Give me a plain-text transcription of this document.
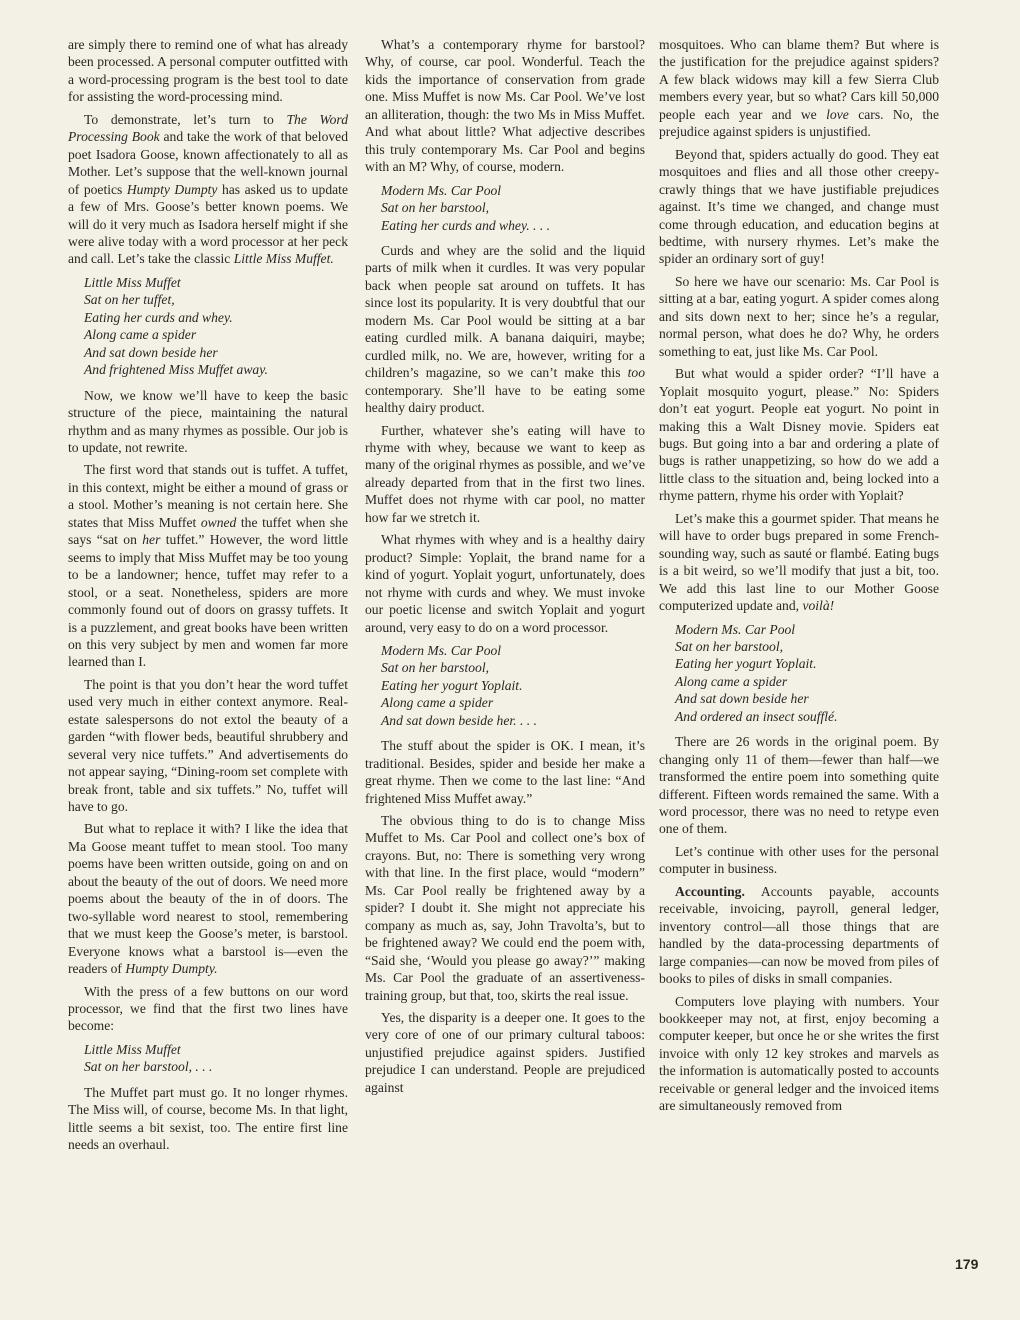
are simply there to remind one of what has already been processed. A personal computer outfitted with a word-processing program is the best tool to date for assisting the word-processing mind.

To demonstrate, let’s turn to The Word Processing Book and take the work of that beloved poet Isadora Goose, known affectionately to all as Mother. Let’s suppose that the well-known journal of poetics Humpty Dumpty has asked us to update a few of Mrs. Goose’s better known poems. We will do it very much as Isadora herself might if she were alive today with a word processor at her peck and call. Let’s take the classic Little Miss Muffet.

Little Miss Muffet
Sat on her tuffet,
Eating her curds and whey.
Along came a spider
And sat down beside her
And frightened Miss Muffet away.

Now, we know we’ll have to keep the basic structure of the piece, maintaining the natural rhythm and as many rhymes as possible. Our job is to update, not rewrite.

The first word that stands out is tuffet. A tuffet, in this context, might be either a mound of grass or a stool. Mother’s meaning is not certain here. She states that Miss Muffet owned the tuffet when she says “sat on her tuffet.” However, the word little seems to imply that Miss Muffet may be too young to be a landowner; hence, tuffet may refer to a stool, or a seat. Nonetheless, spiders are more commonly found out of doors on grassy tuffets. It is a puzzlement, and great books have been written on this very subject by men and women far more learned than I.

The point is that you don’t hear the word tuffet used very much in either context anymore. Real-estate salespersons do not extol the beauty of a garden “with flower beds, beautiful shrubbery and several very nice tuffets.” And advertisements do not appear saying, “Dining-room set complete with break front, table and six tuffets.” No, tuffet will have to go.

But what to replace it with? I like the idea that Ma Goose meant tuffet to mean stool. Too many poems have been written outside, going on and on about the beauty of the out of doors. We need more poems about the beauty of the in of doors. The two-syllable word nearest to stool, remembering that we must keep the Goose’s meter, is barstool. Everyone knows what a barstool is—even the readers of Humpty Dumpty.

With the press of a few buttons on our word processor, we find that the first two lines have become:

Little Miss Muffet
Sat on her barstool, . . .

The Muffet part must go. It no longer rhymes. The Miss will, of course, become Ms. In that light, little seems a bit sexist, too. The entire first line needs an overhaul.

What’s a contemporary rhyme for barstool? Why, of course, car pool. Wonderful. Teach the kids the importance of conservation from grade one. Miss Muffet is now Ms. Car Pool. We’ve lost an alliteration, though: the two Ms in Miss Muffet. And what about little? What adjective describes this truly contemporary Ms. Car Pool and begins with an M? Why, of course, modern.

Modern Ms. Car Pool
Sat on her barstool,
Eating her curds and whey. . . .

Curds and whey are the solid and the liquid parts of milk when it curdles. It was very popular back when people sat around on tuffets. It has since lost its popularity. It is very doubtful that our modern Ms. Car Pool would be sitting at a bar eating curdled milk. A banana daiquiri, maybe; curdled milk, no. We are, however, writing for a children’s magazine, so we can’t make this too contemporary. She’ll have to be eating some healthy dairy product.

Further, whatever she’s eating will have to rhyme with whey, because we want to keep as many of the original rhymes as possible, and we’ve already departed from that in the first two lines. Muffet does not rhyme with car pool, no matter how far we stretch it.

What rhymes with whey and is a healthy dairy product? Simple: Yoplait, the brand name for a kind of yogurt. Yoplait yogurt, unfortunately, does not rhyme with curds and whey. We must invoke our poetic license and switch Yoplait and yogurt around, very easy to do on a word processor.

Modern Ms. Car Pool
Sat on her barstool,
Eating her yogurt Yoplait.
Along came a spider
And sat down beside her. . . .

The stuff about the spider is OK. I mean, it’s traditional. Besides, spider and beside her make a great rhyme. Then we come to the last line: “And frightened Miss Muffet away.”

The obvious thing to do is to change Miss Muffet to Ms. Car Pool and collect one’s box of crayons. But, no: There is something very wrong with that line. In the first place, would “modern” Ms. Car Pool really be frightened away by a spider? I doubt it. She might not appreciate his company as much as, say, John Travolta’s, but to be frightened away? We could end the poem with, “Said she, ‘Would you please go away?’” making Ms. Car Pool the graduate of an assertiveness-training group, but that, too, skirts the real issue.

Yes, the disparity is a deeper one. It goes to the very core of one of our primary cultural taboos: unjustified prejudice against spiders. Justified prejudice I can understand. People are prejudiced against

mosquitoes. Who can blame them? But where is the justification for the prejudice against spiders? A few black widows may kill a few Sierra Club members every year, but so what? Cars kill 50,000 people each year and we love cars. No, the prejudice against spiders is unjustified.

Beyond that, spiders actually do good. They eat mosquitoes and flies and all those other creepy-crawly things that we have justifiable prejudices against. It’s time we changed, and change must come through education, and education begins at bedtime, with nursery rhymes. Let’s make the spider an ordinary sort of guy!

So here we have our scenario: Ms. Car Pool is sitting at a bar, eating yogurt. A spider comes along and sits down next to her; since he’s a regular, normal person, what does he do? Why, he orders something to eat, just like Ms. Car Pool.

But what would a spider order? “I’ll have a Yoplait mosquito yogurt, please.” No: Spiders don’t eat yogurt. People eat yogurt. No point in making this a Walt Disney movie. Spiders eat bugs. But going into a bar and ordering a plate of bugs is rather unappetizing, so how do we add a little class to the situation and, being locked into a rhyme pattern, rhyme his order with Yoplait?

Let’s make this a gourmet spider. That means he will have to order bugs prepared in some French-sounding way, such as sauté or flambé. Eating bugs is a bit weird, so we’ll modify that just a bit, too. We add this last line to our Mother Goose computerized update and, voilà!

Modern Ms. Car Pool
Sat on her barstool,
Eating her yogurt Yoplait.
Along came a spider
And sat down beside her
And ordered an insect soufflé.

There are 26 words in the original poem. By changing only 11 of them—fewer than half—we transformed the entire poem into something quite different. Fifteen words remained the same. With a word processor, there was no need to retype even one of them.

Let’s continue with other uses for the personal computer in business.

Accounting. Accounts payable, accounts receivable, invoicing, payroll, general ledger, inventory control—all those things that are handled by the data-processing departments of large companies—can now be moved from piles of books to piles of disks in small companies.

Computers love playing with numbers. Your bookkeeper may not, at first, enjoy becoming a computer keeper, but once he or she writes the first invoice with only 12 key strokes and marvels as the information is automatically posted to accounts receivable or general ledger and the invoiced items are simultaneously removed from

179
